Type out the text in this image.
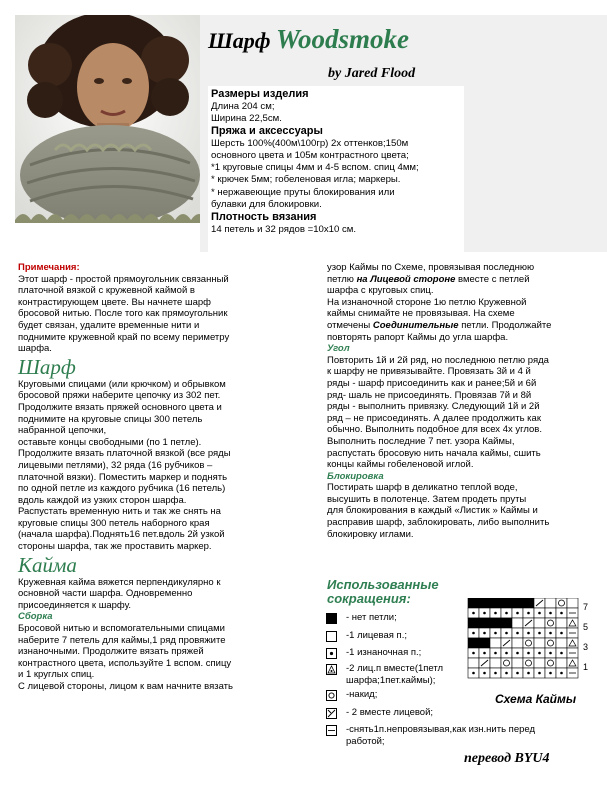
Шарф Woodsmoke
by Jared Flood
Размеры изделия
Длина 204 см;
Ширина 22,5см.
Пряжа и аксессуары
Шерсть 100%(400м\100гр) 2х оттенков;150м
основного цвета и 105м контрастного цвета;
*1 круговые спицы 4мм и 4-5 вспом. спиц 4мм;
* крючек 5мм; гобеленовая игла; маркеры.
* нержавеющие пруты блокирования или
булавки для блокировки.
Плотность вязания
14 петель и 32 рядов =10x10 см.
Примечания:
Этот шарф - простой прямоугольник связанный
платочной вязкой с кружевной каймой в
контрастирующем цвете. Вы начнете шарф
бросовой нитью. После того как прямоугольник
будет связан, удалите временные нити и
поднимите кружевной край по всему периметру
шарфа.
Шарф
Круговыми спицами (или крючком) и обрывком
бросовой пряжи наберите цепочку из 302 пет.
Продолжите вязать пряжей основного цвета и
поднимите на круговые спицы 300 петель
набранной цепочки,
оставьте концы свободными (по 1 петле).
Продолжите вязать платочной вязкой (все ряды
лицевыми петлями), 32 ряда (16 рубчиков –
платочной вязки). Поместить маркер и поднять
по одной петле из каждого рубчика (16 петель)
вдоль каждой из узких сторон шарфа.
Распустать временную нить и так же снять на
круговые спицы 300 петель наборного края
(начала шарфа).Поднять16 пет.вдоль 2й узкой
стороны шарфа, так же проставить маркер.
Кайма
Кружевная кайма вяжется перпендикулярно к
основной части шарфа. Одновременно
присоединяется к шарфу.
Сборка
Бросовой нитью и вспомогательными спицами
наберите 7 петель для каймы,1 ряд провяжите
изнаночными. Продолжите вязать пряжей
контрастного цвета, используйте 1 вспом. спицу
и 1 круглых спиц.
С лицевой стороны, лицом к вам начните вязать
узор Каймы по Схеме, провязывая последнюю
петлю на Лицевой стороне вместе с петлей
шарфа с круговых спиц.
На изнаночной стороне 1ю петлю Кружевной
каймы снимайте не провязывая. На схеме
отмечены Соединительные петли. Продолжайте
повторять рапорт Каймы до угла шарфа.
Угол
Повторить 1й и 2й ряд, но последнюю петлю ряда
к шарфу не привязывайте. Провязать 3й и 4 й
ряды - шарф присоединить как и ранее;5й и 6й
ряд- шаль не присоединять. Провязав 7й и 8й
ряды - выполнить привязку. Следующий 1й и 2й
ряд – не присоединять. А далее продолжить как
обычно. Выполнить подобное для всех 4х углов.
Выполнить последние 7 пет. узора Каймы,
распустать бросовую нить начала каймы, сшить
концы каймы гобеленовой иглой.
Блокировка
Постирать шарф в деликатно теплой воде,
высушить в полотенце. Затем продеть пруты
для блокирования в каждый «Листик » Каймы и
расправив шарф, заблокировать, либо выполнить
блокировку иглами.
Использованные
сокращения:
- нет петли;
-1 лицевая п.;
-1 изнаночная п.;
-2 лиц.п вместе(1петл
шарфа;1пет.каймы);
-накид;
- 2 вместе лицевой;
-снять1п.непровязывая,как изн.нить перед
работой;
7
5
3
1
Схема Каймы
перевод BYU4
